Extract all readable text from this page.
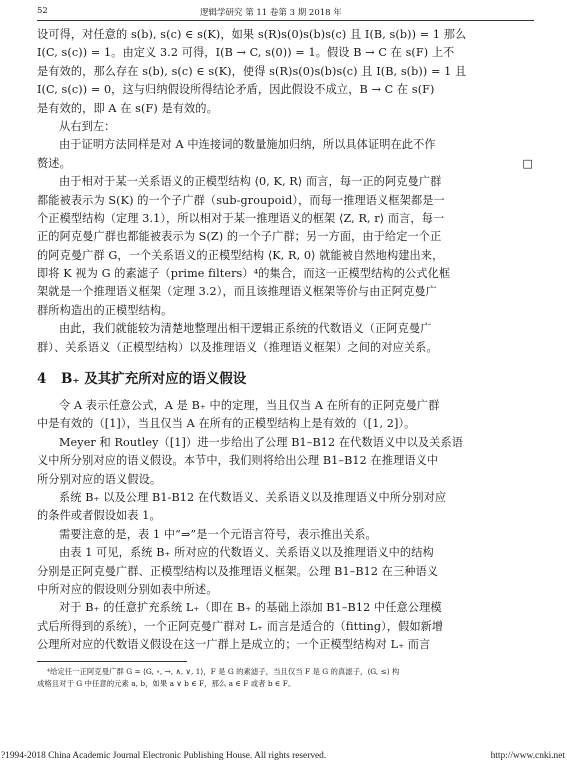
52	逻辑学研究 第 11 卷第 3 期 2018 年

设可得，对任意的 s(b), s(c) ∈ s(K)，如果 s(R)s(0)s(b)s(c) 且 I(B, s(b)) = 1 那么

I(C, s(c)) = 1。由定义 3.2 可得，I(B → C, s(0)) = 1。假设 B → C 在 s(F) 上不

是有效的，那么存在 s(b), s(c) ∈ s(K)，使得 s(R)s(0)s(b)s(c) 且 I(B, s(b)) = 1 且

I(C, s(c)) = 0，这与归纳假设所得结论矛盾，因此假设不成立，B → C 在 s(F)

是有效的，即 A 在 s(F) 是有效的。

从右到左：

由于证明方法同样是对 A 中连接词的数量施加归纳，所以具体证明在此不作

赘述。	□

由于相对于某一关系语义的正模型结构 ⟨0, K, R⟩ 而言，每一正的阿克曼广群

都能被表示为 S(K) 的一个子广群（sub-groupoid），而每一推理语义框架都是一

个正模型结构（定理 3.1），所以相对于某一推理语义的框架 ⟨Z, R, r⟩ 而言，每一

正的阿克曼广群也都能被表示为 S(Z) 的一个子广群；另一方面，由于给定一个正

的阿克曼广群 G，一个关系语义的正模型结构 ⟨K, R, 0⟩ 就能被自然地构建出来，

即将 K 视为 G 的素滤子（prime filters）⁴的集合，而这一正模型结构的公式化框

架就是一个推理语义框架（定理 3.2），而且该推理语义框架等价与由正阿克曼广

群所构造出的正模型结构。

由此，我们就能较为清楚地整理出相干逻辑正系统的代数语义（正阿克曼广

群）、关系语义（正模型结构）以及推理语义（推理语义框架）之间的对应关系。

4 B₊ 及其扩充所对应的语义假设

令 A 表示任意公式，A 是 B₊ 中的定理，当且仅当 A 在所有的正阿克曼广群

中是有效的（[1]），当且仅当 A 在所有的正模型结构上是有效的（[1, 2]）。

Meyer 和 Routley（[1]）进一步给出了公理 B1–B12 在代数语义中以及关系语

义中所分别对应的语义假设。本节中，我们则将给出公理 B1–B12 在推理语义中

所分别对应的语义假设。

系统 B₊ 以及公理 B1-B12 在代数语义、关系语义以及推理语义中所分别对应

的条件或者假设如表 1。

需要注意的是，表 1 中“⇒”是一个元语言符号，表示推出关系。

由表 1 可见，系统 B₊ 所对应的代数语义、关系语义以及推理语义中的结构

分别是正阿克曼广群、正模型结构以及推理语义框架。公理 B1–B12 在三种语义

中所对应的假设则分别如表中所述。

对于 B₊ 的任意扩充系统 L₊（即在 B₊ 的基础上添加 B1–B12 中任意公理模

式后所得到的系统），一个正阿克曼广群对 L₊ 而言是适合的（fitting），假如新增

公理所对应的代数语义假设在这一广群上是成立的；一个正模型结构对 L₊ 而言

⁴给定任一正阿克曼广群 G = ⟨G, ∘, →, ∧, ∨, 1⟩，F 是 G 的素滤子，当且仅当 F 是 G 的真滤子，⟨G, ≤⟩ 构

成格且对于 G 中任意的元素 a, b，如果 a ∨ b ∈ F，那么 a ∈ F 或者 b ∈ F。

?1994-2018 China Academic Journal Electronic Publishing House. All rights reserved.	http://www.cnki.net
